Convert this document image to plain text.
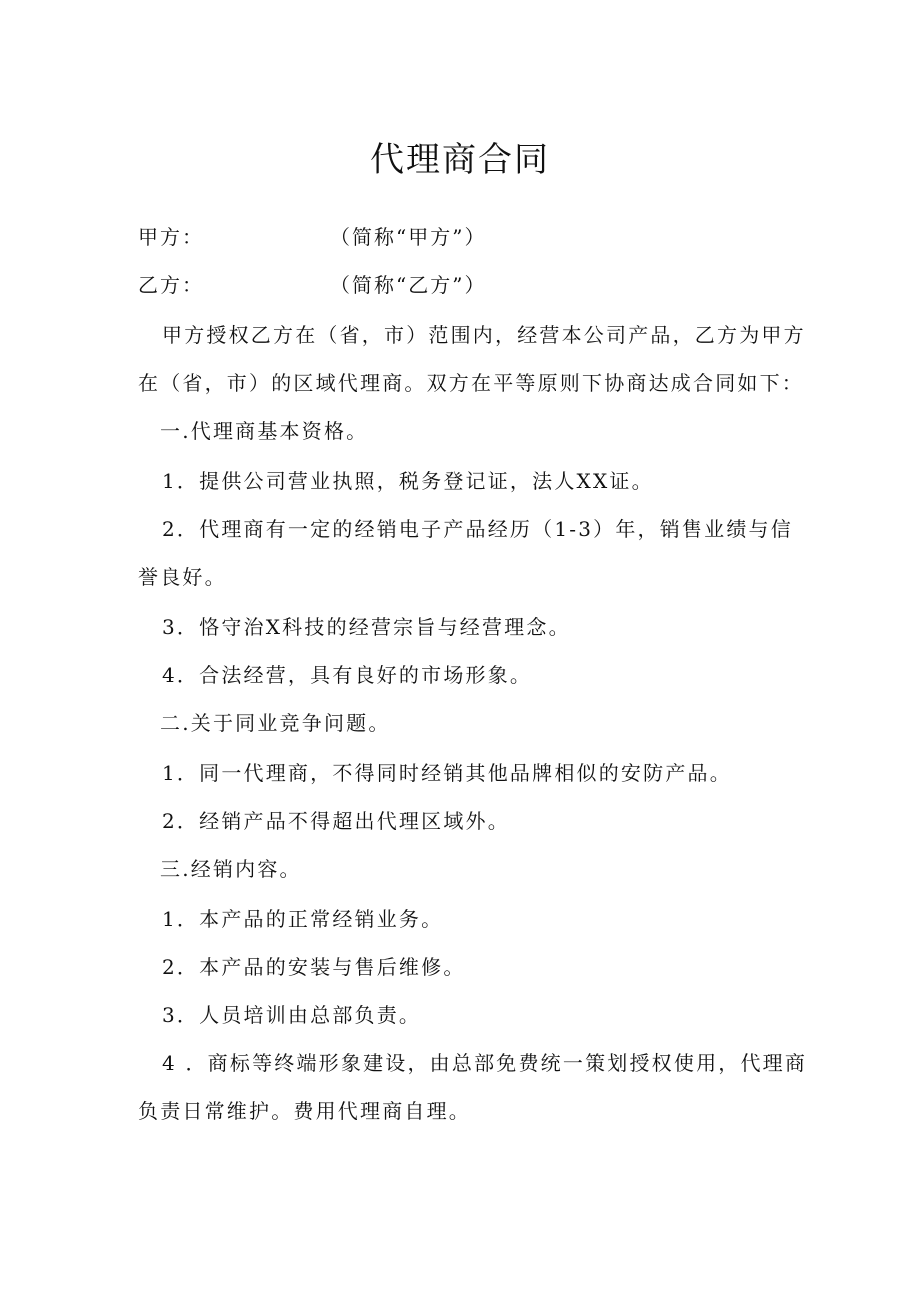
代理商合同
甲方：	（简称“甲方”）
乙方：	（简称“乙方”）
甲方授权乙方在（省，市）范围内，经营本公司产品，乙方为甲方
在（省，市）的区域代理商。双方在平等原则下协商达成合同如下：
一.代理商基本资格。
1．提供公司营业执照，税务登记证，法人XX证。
2．代理商有一定的经销电子产品经历（1-3）年，销售业绩与信
誉良好。
3．恪守治X科技的经营宗旨与经营理念。
4．合法经营，具有良好的市场形象。
二.关于同业竞争问题。
1．同一代理商，不得同时经销其他品牌相似的安防产品。
2．经销产品不得超出代理区域外。
三.经销内容。
1．本产品的正常经销业务。
2．本产品的安装与售后维修。
3．人员培训由总部负责。
4 ．商标等终端形象建设，由总部免费统一策划授权使用，代理商
负责日常维护。费用代理商自理。
